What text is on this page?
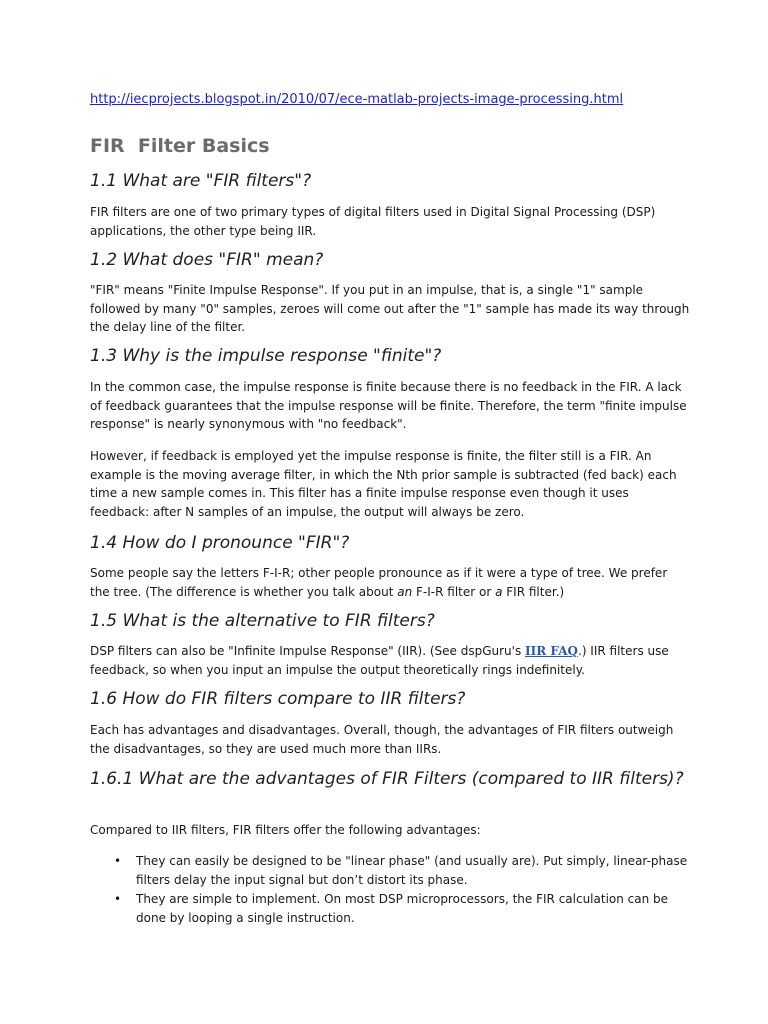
http://iecprojects.blogspot.in/2010/07/ece-matlab-projects-image-processing.html
FIR  Filter Basics
1.1 What are "FIR filters"?

FIR filters are one of two primary types of digital filters used in Digital Signal Processing (DSP) applications, the other type being IIR.

1.2 What does "FIR" mean?

"FIR" means "Finite Impulse Response". If you put in an impulse, that is, a single "1" sample followed by many "0" samples, zeroes will come out after the "1" sample has made its way through the delay line of the filter.

1.3 Why is the impulse response "finite"?

In the common case, the impulse response is finite because there is no feedback in the FIR. A lack of feedback guarantees that the impulse response will be finite. Therefore, the term "finite impulse response" is nearly synonymous with "no feedback".

However, if feedback is employed yet the impulse response is finite, the filter still is a FIR. An example is the moving average filter, in which the Nth prior sample is subtracted (fed back) each time a new sample comes in. This filter has a finite impulse response even though it uses feedback: after N samples of an impulse, the output will always be zero.

1.4 How do I pronounce "FIR"?

Some people say the letters F-I-R; other people pronounce as if it were a type of tree. We prefer the tree. (The difference is whether you talk about an F-I-R filter or a FIR filter.)

1.5 What is the alternative to FIR filters?

DSP filters can also be "Infinite Impulse Response" (IIR). (See dspGuru's IIR FAQ.) IIR filters use feedback, so when you input an impulse the output theoretically rings indefinitely.

1.6 How do FIR filters compare to IIR filters?

Each has advantages and disadvantages. Overall, though, the advantages of FIR filters outweigh the disadvantages, so they are used much more than IIRs.

1.6.1 What are the advantages of FIR Filters (compared to IIR filters)?

Compared to IIR filters, FIR filters offer the following advantages:

• They can easily be designed to be "linear phase" (and usually are). Put simply, linear-phase filters delay the input signal but don’t distort its phase.
• They are simple to implement. On most DSP microprocessors, the FIR calculation can be done by looping a single instruction.
